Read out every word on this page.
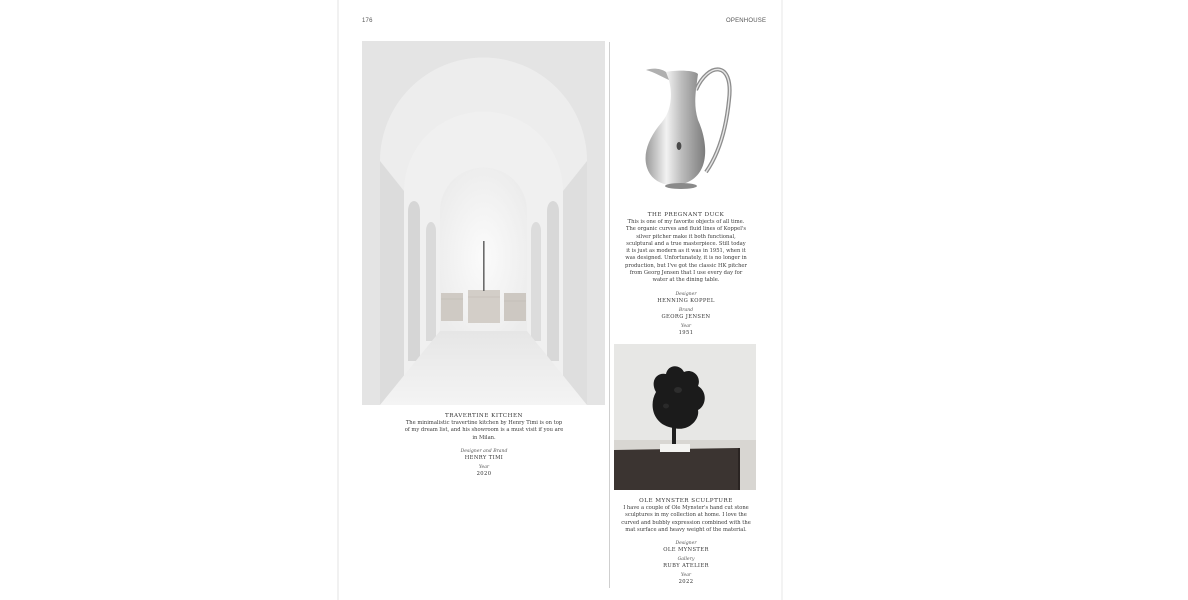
176	OPENHOUSE
TRAVERTINE KITCHEN
The minimalistic travertine kitchen by Henry Timi is on top of my dream list, and his showroom is a must visit if you are in Milan.
Designer and Brand
HENRY TIMI
Year
2020
THE PREGNANT DUCK
This is one of my favorite objects of all time. The organic curves and fluid lines of Koppel's silver pitcher make it both functional, sculptural and a true masterpiece. Still today it is just as modern as it was in 1951, when it was designed. Unfortunately, it is no longer in production, but I've got the classic HK pitcher from Georg Jensen that I use every day for water at the dining table.
Designer
HENNING KOPPEL
Brand
GEORG JENSEN
Year
1951
OLE MYNSTER SCULPTURE
I have a couple of Ole Mynster's hand cut stone sculptures in my collection at home. I love the curved and bubbly expression combined with the mat surface and heavy weight of the material.
Designer
OLE MYNSTER
Gallery
RUBY ATELIER
Year
2022
